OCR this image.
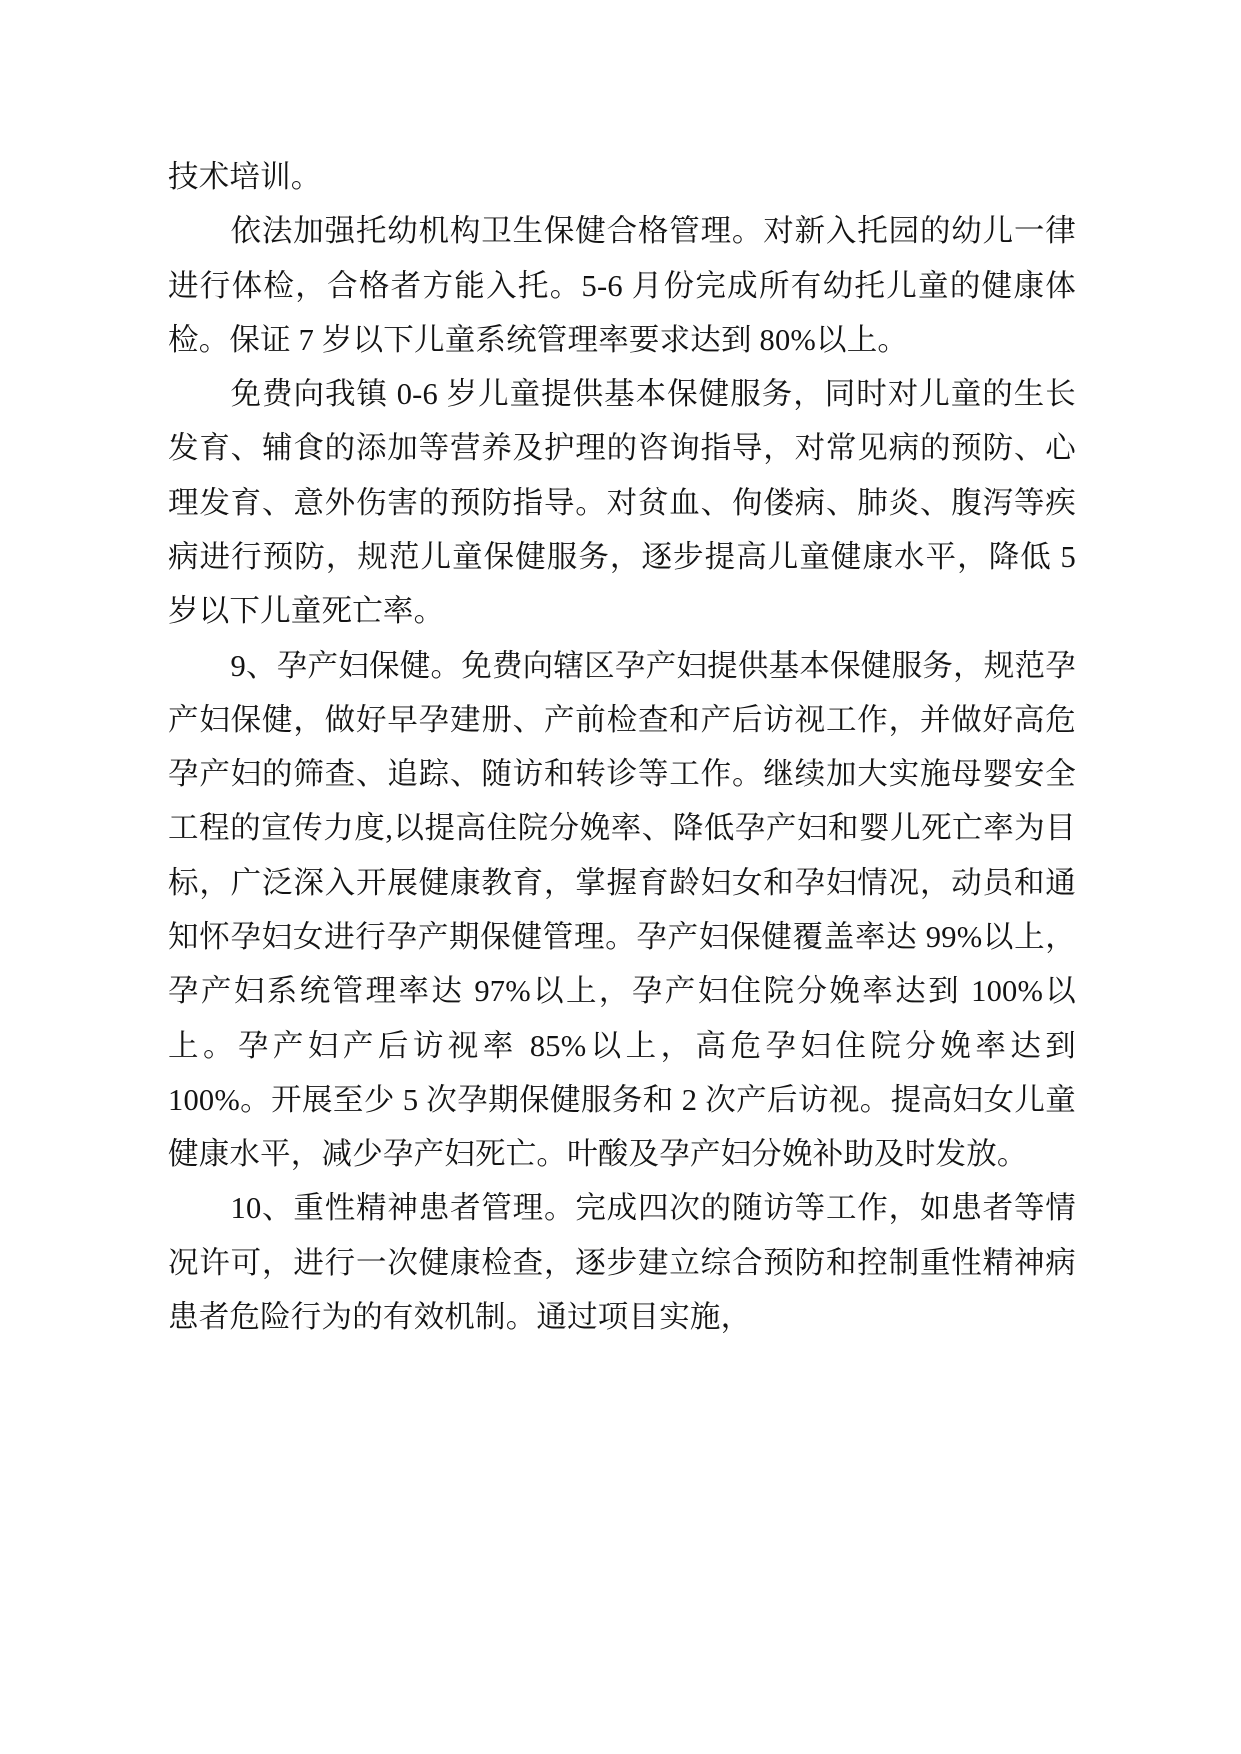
技术培训。

依法加强托幼机构卫生保健合格管理。对新入托园的幼儿一律进行体检，合格者方能入托。5-6 月份完成所有幼托儿童的健康体检。保证 7 岁以下儿童系统管理率要求达到 80%以上。

免费向我镇 0-6 岁儿童提供基本保健服务，同时对儿童的生长发育、辅食的添加等营养及护理的咨询指导，对常见病的预防、心理发育、意外伤害的预防指导。对贫血、佝偻病、肺炎、腹泻等疾病进行预防，规范儿童保健服务，逐步提高儿童健康水平，降低 5 岁以下儿童死亡率。

9、孕产妇保健。免费向辖区孕产妇提供基本保健服务，规范孕产妇保健，做好早孕建册、产前检查和产后访视工作，并做好高危孕产妇的筛查、追踪、随访和转诊等工作。继续加大实施母婴安全工程的宣传力度,以提高住院分娩率、降低孕产妇和婴儿死亡率为目标，广泛深入开展健康教育，掌握育龄妇女和孕妇情况，动员和通知怀孕妇女进行孕产期保健管理。孕产妇保健覆盖率达 99%以上，孕产妇系统管理率达 97%以上，孕产妇住院分娩率达到 100%以上。孕产妇产后访视率 85%以上，高危孕妇住院分娩率达到 100%。开展至少 5 次孕期保健服务和 2 次产后访视。提高妇女儿童健康水平，减少孕产妇死亡。叶酸及孕产妇分娩补助及时发放。

10、重性精神患者管理。完成四次的随访等工作，如患者等情况许可，进行一次健康检查，逐步建立综合预防和控制重性精神病患者危险行为的有效机制。通过项目实施，
